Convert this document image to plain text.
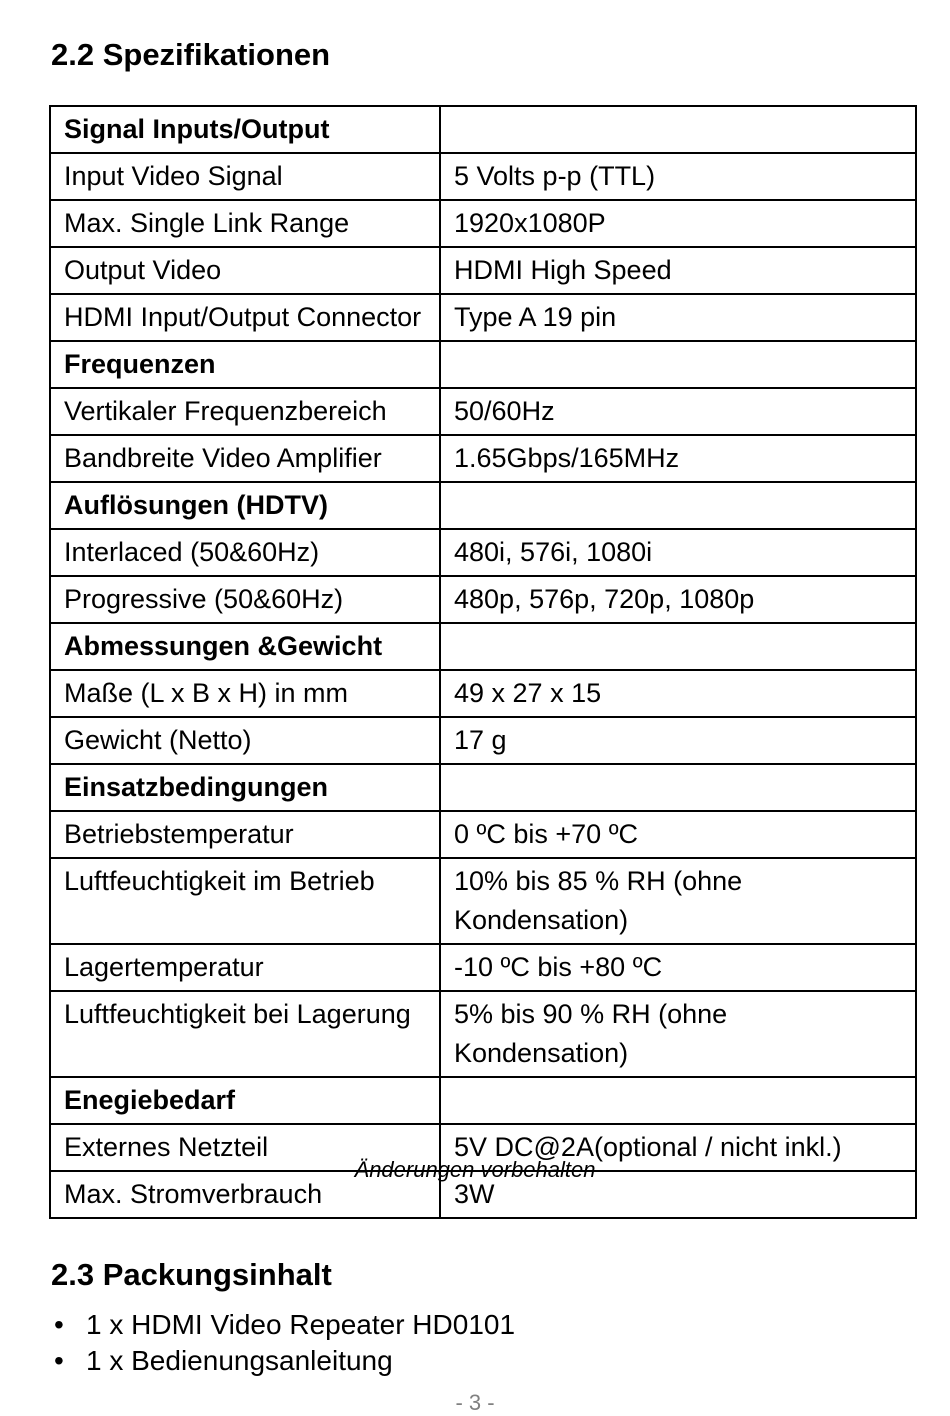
2.2 Spezifikationen
Signal Inputs/Output	
Input Video Signal	5 Volts p-p (TTL)
Max. Single Link Range	1920x1080P
Output Video	HDMI High Speed
HDMI Input/Output Connector	Type A 19 pin
Frequenzen	
Vertikaler Frequenzbereich	50/60Hz
Bandbreite Video Amplifier	1.65Gbps/165MHz
Auflösungen (HDTV)	
Interlaced (50&60Hz)	480i, 576i, 1080i
Progressive (50&60Hz)	480p, 576p, 720p, 1080p
Abmessungen &Gewicht	
Maße (L x B x H) in mm	49 x 27 x 15
Gewicht (Netto)	17 g
Einsatzbedingungen	
Betriebstemperatur	0 ºC bis +70 ºC
Luftfeuchtigkeit im Betrieb	10% bis 85 % RH (ohne Kondensation)
Lagertemperatur	-10 ºC bis +80 ºC
Luftfeuchtigkeit bei Lagerung	5% bis 90 % RH (ohne Kondensation)
Enegiebedarf	
Externes Netzteil	5V DC@2A(optional / nicht inkl.)
Max. Stromverbrauch	3W
Änderungen vorbehalten
2.3 Packungsinhalt
• 1 x HDMI Video Repeater HD0101
• 1 x Bedienungsanleitung
- 3 -
